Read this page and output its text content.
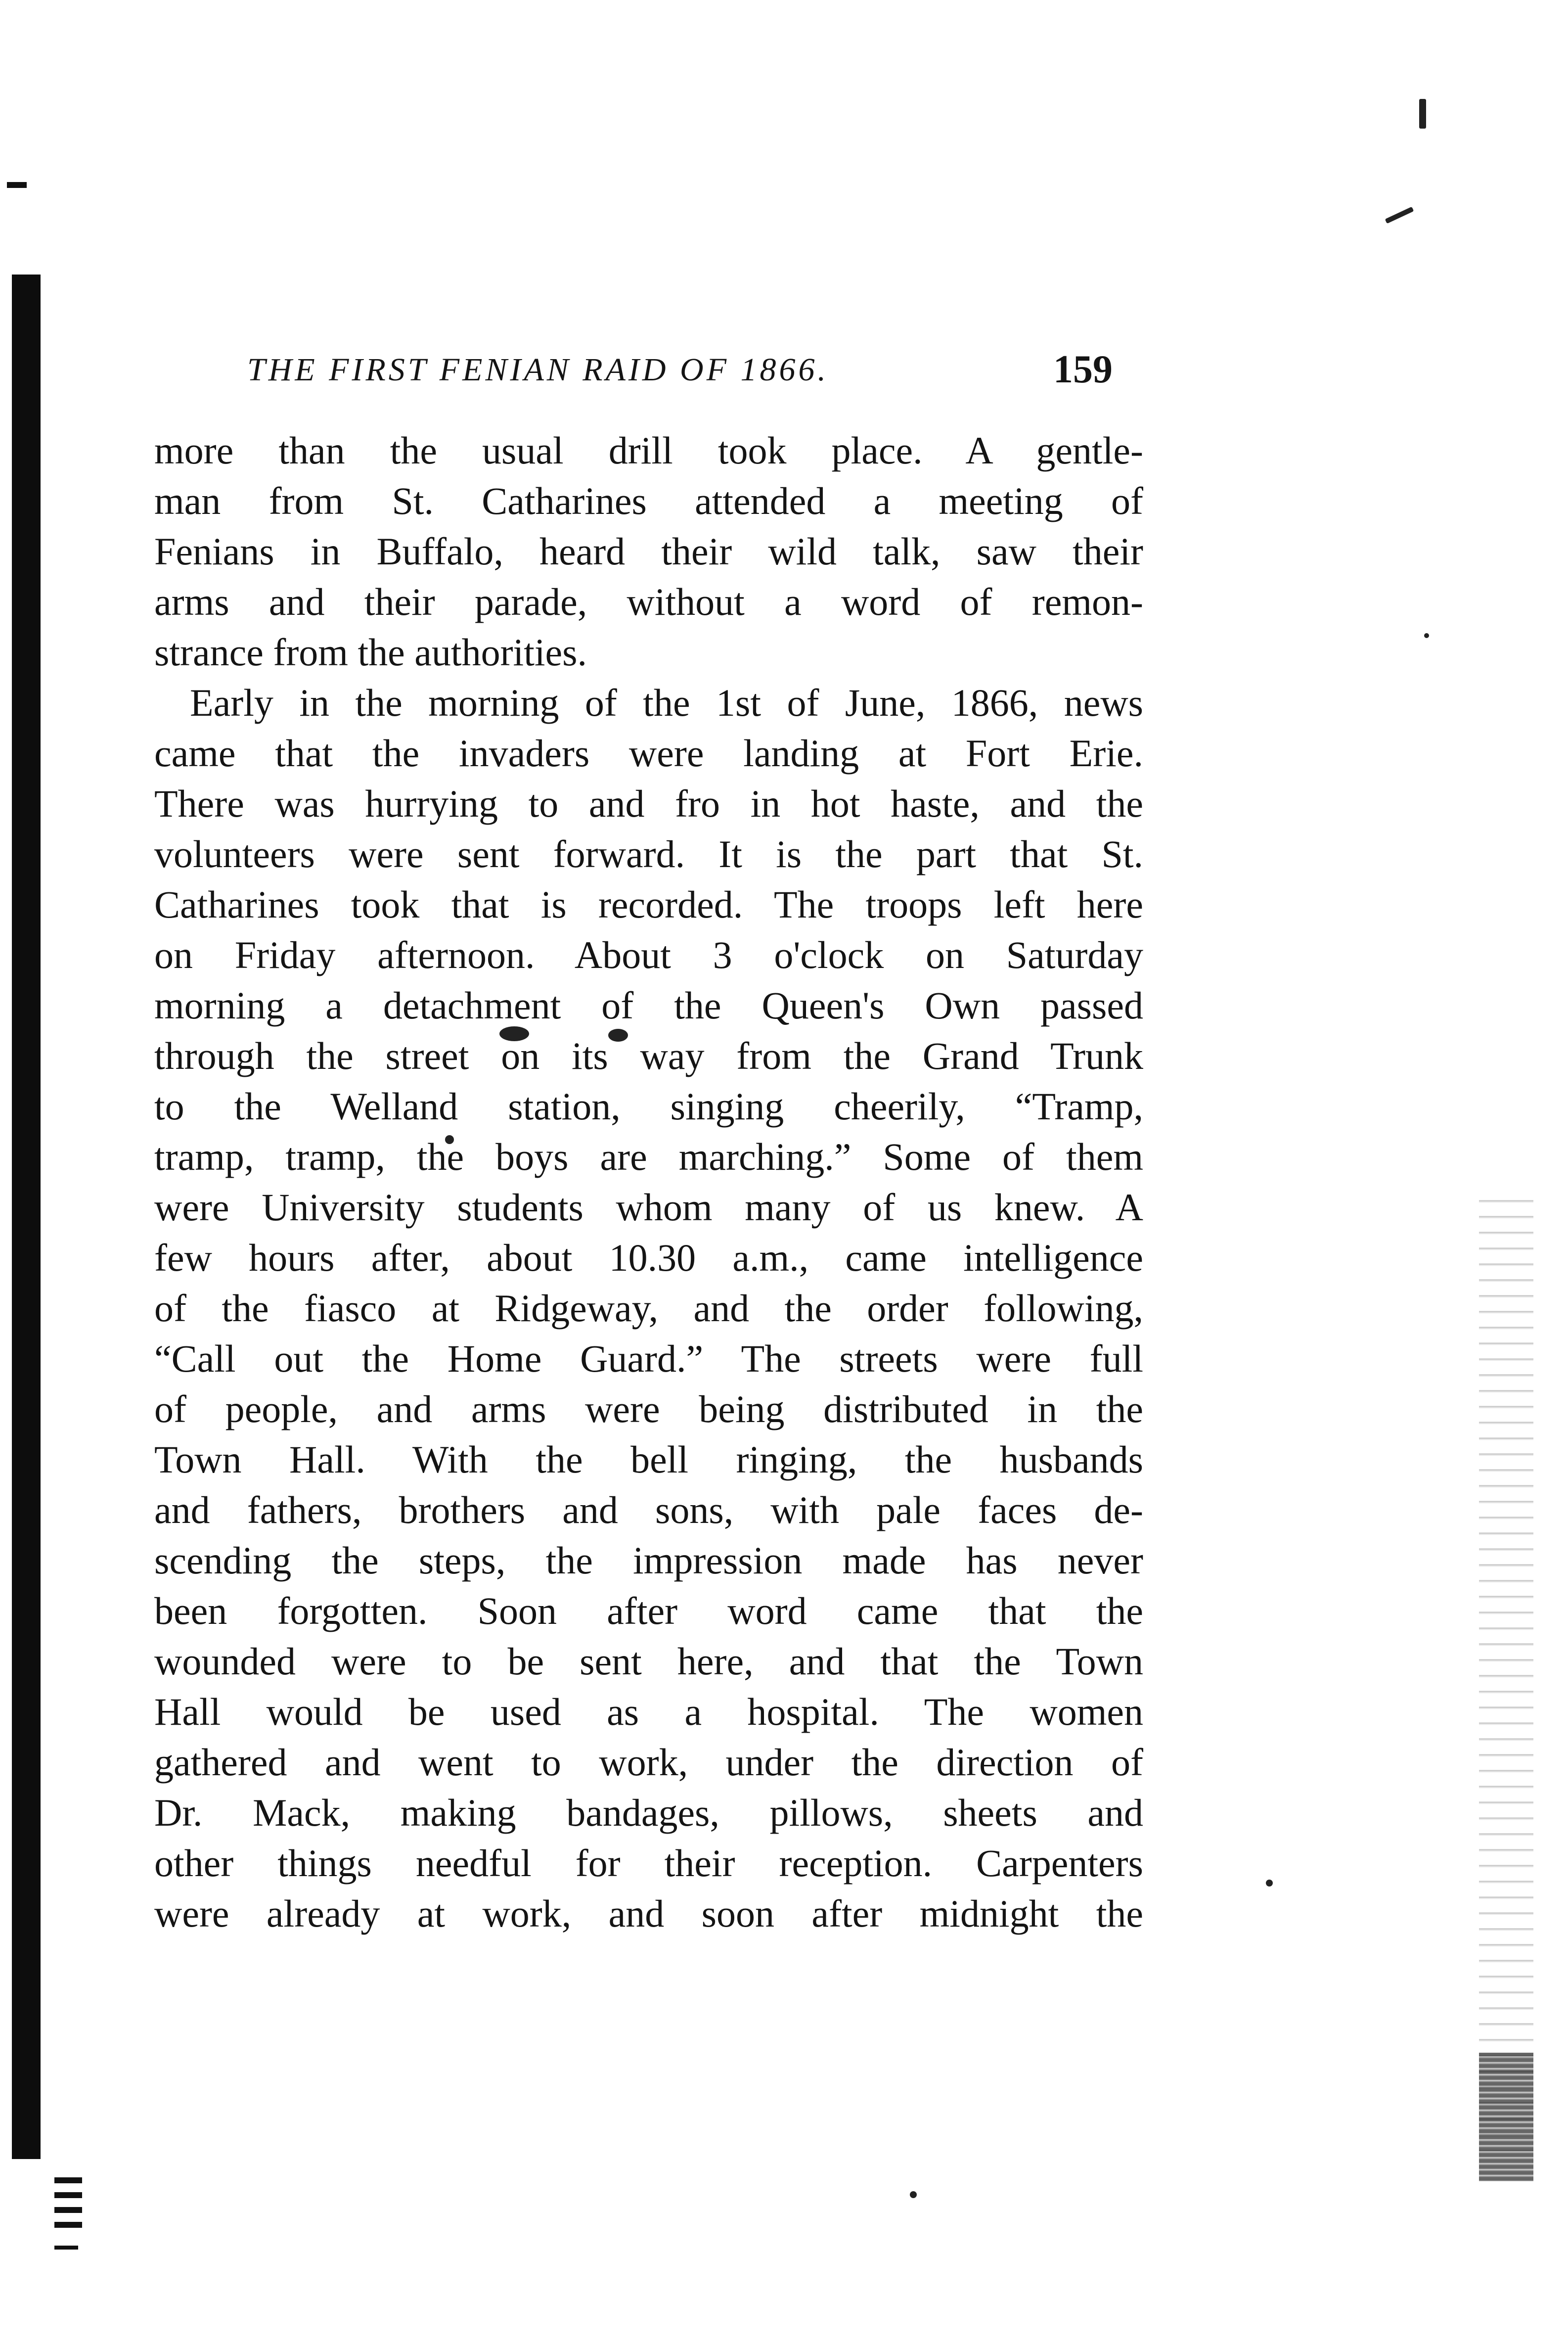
THE FIRST FENIAN RAID OF 1866.	159
more than the usual drill took place. A gentle-
man from St. Catharines attended a meeting of
Fenians in Buffalo, heard their wild talk, saw their
arms and their parade, without a word of remon-
strance from the authorities.
Early in the morning of the 1st of June, 1866, news
came that the invaders were landing at Fort Erie.
There was hurrying to and fro in hot haste, and the
volunteers were sent forward. It is the part that St.
Catharines took that is recorded. The troops left here
on Friday afternoon. About 3 o'clock on Saturday
morning a detachment of the Queen's Own passed
through the street on its way from the Grand Trunk
to the Welland station, singing cheerily, “Tramp,
tramp, tramp, the boys are marching.” Some of them
were University students whom many of us knew. A
few hours after, about 10.30 a.m., came intelligence
of the fiasco at Ridgeway, and the order following,
“Call out the Home Guard.” The streets were full
of people, and arms were being distributed in the
Town Hall. With the bell ringing, the husbands
and fathers, brothers and sons, with pale faces de-
scending the steps, the impression made has never
been forgotten. Soon after word came that the
wounded were to be sent here, and that the Town
Hall would be used as a hospital. The women
gathered and went to work, under the direction of
Dr. Mack, making bandages, pillows, sheets and
other things needful for their reception. Carpenters
were already at work, and soon after midnight the
